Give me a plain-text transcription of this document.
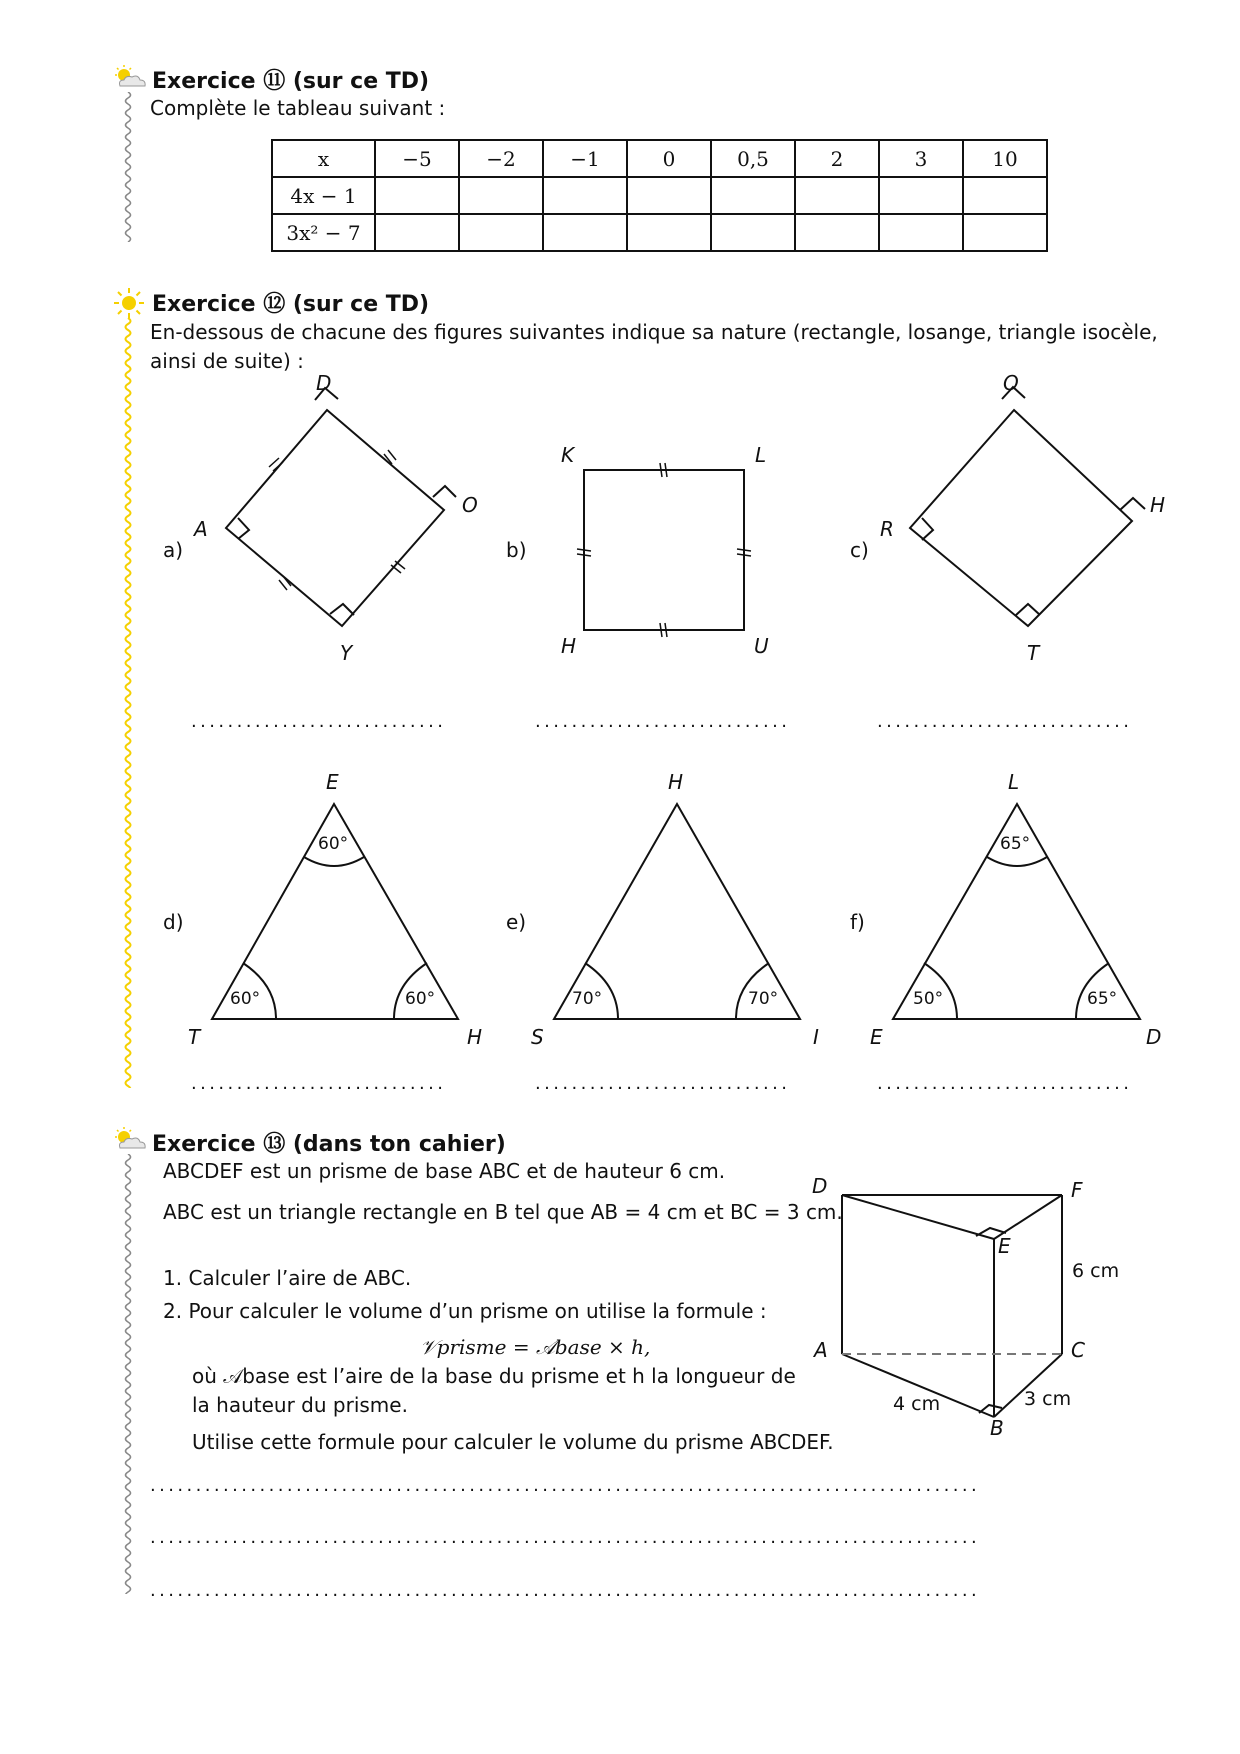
Exercice ⑪ (sur ce TD)
Complète le tableau suivant :
x	−5	−2	−1	0	0,5	2	3	10
4x − 1								
3x² − 7								
Exercice ⑫ (sur ce TD)
En-dessous de chacune des figures suivantes indique sa nature (rectangle, losange, triangle isocèle, ainsi de suite) :
a)
D
O
Y
A
b)
K	L
U
H
c)
O
H
T
R
d)
E
T	H
60°
60°	60°
e)
H
S	I
70°	70°
f)
L
E	D
65°
50°	65°
............................	............................	............................
............................	............................	............................
Exercice ⑬ (dans ton cahier)
ABCDEF est un prisme de base ABC et de hauteur 6 cm.
ABC est un triangle rectangle en B tel que AB = 4 cm et BC = 3 cm.
1. Calculer l’aire de ABC.
2. Pour calculer le volume d’un prisme on utilise la formule :
𝒱prisme = 𝒜base × h,
où 𝒜base est l’aire de la base du prisme et h la longueur de la hauteur du prisme.
Utilise cette formule pour calculer le volume du prisme ABCDEF.
D	F
E
A	C
B
6 cm
4 cm	3 cm
...........................................................................................
...........................................................................................
...........................................................................................
